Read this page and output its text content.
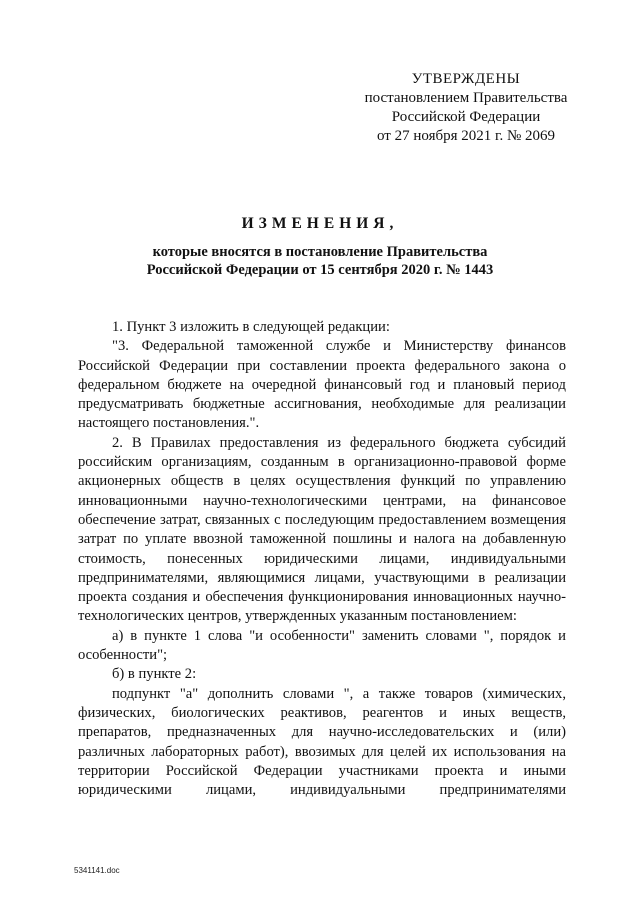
УТВЕРЖДЕНЫ
постановлением Правительства
Российской Федерации
от 27 ноября 2021 г. № 2069
ИЗМЕНЕНИЯ,
которые вносятся в постановление Правительства
Российской Федерации от 15 сентября 2020 г. № 1443

1. Пункт 3 изложить в следующей редакции:

"3. Федеральной таможенной службе и Министерству финансов Российской Федерации при составлении проекта федерального закона о федеральном бюджете на очередной финансовый год и плановый период предусматривать бюджетные ассигнования, необходимые для реализации настоящего постановления.".

2. В Правилах предоставления из федерального бюджета субсидий российским организациям, созданным в организационно-правовой форме акционерных обществ в целях осуществления функций по управлению инновационными научно-технологическими центрами, на финансовое обеспечение затрат, связанных с последующим предоставлением возмещения затрат по уплате ввозной таможенной пошлины и налога на добавленную стоимость, понесенных юридическими лицами, индивидуальными предпринимателями, являющимися лицами, участвующими в реализации проекта создания и обеспечения функционирования инновационных научно-технологических центров, утвержденных указанным постановлением:

а) в пункте 1 слова "и особенности" заменить словами ", порядок и особенности";

б) в пункте 2:

подпункт "а" дополнить словами ", а также товаров (химических, физических, биологических реактивов, реагентов и иных веществ, препаратов, предназначенных для научно-исследовательских и (или) различных лабораторных работ), ввозимых для целей их использования на территории Российской Федерации участниками проекта и иными юридическими лицами, индивидуальными предпринимателями

5341141.doc
